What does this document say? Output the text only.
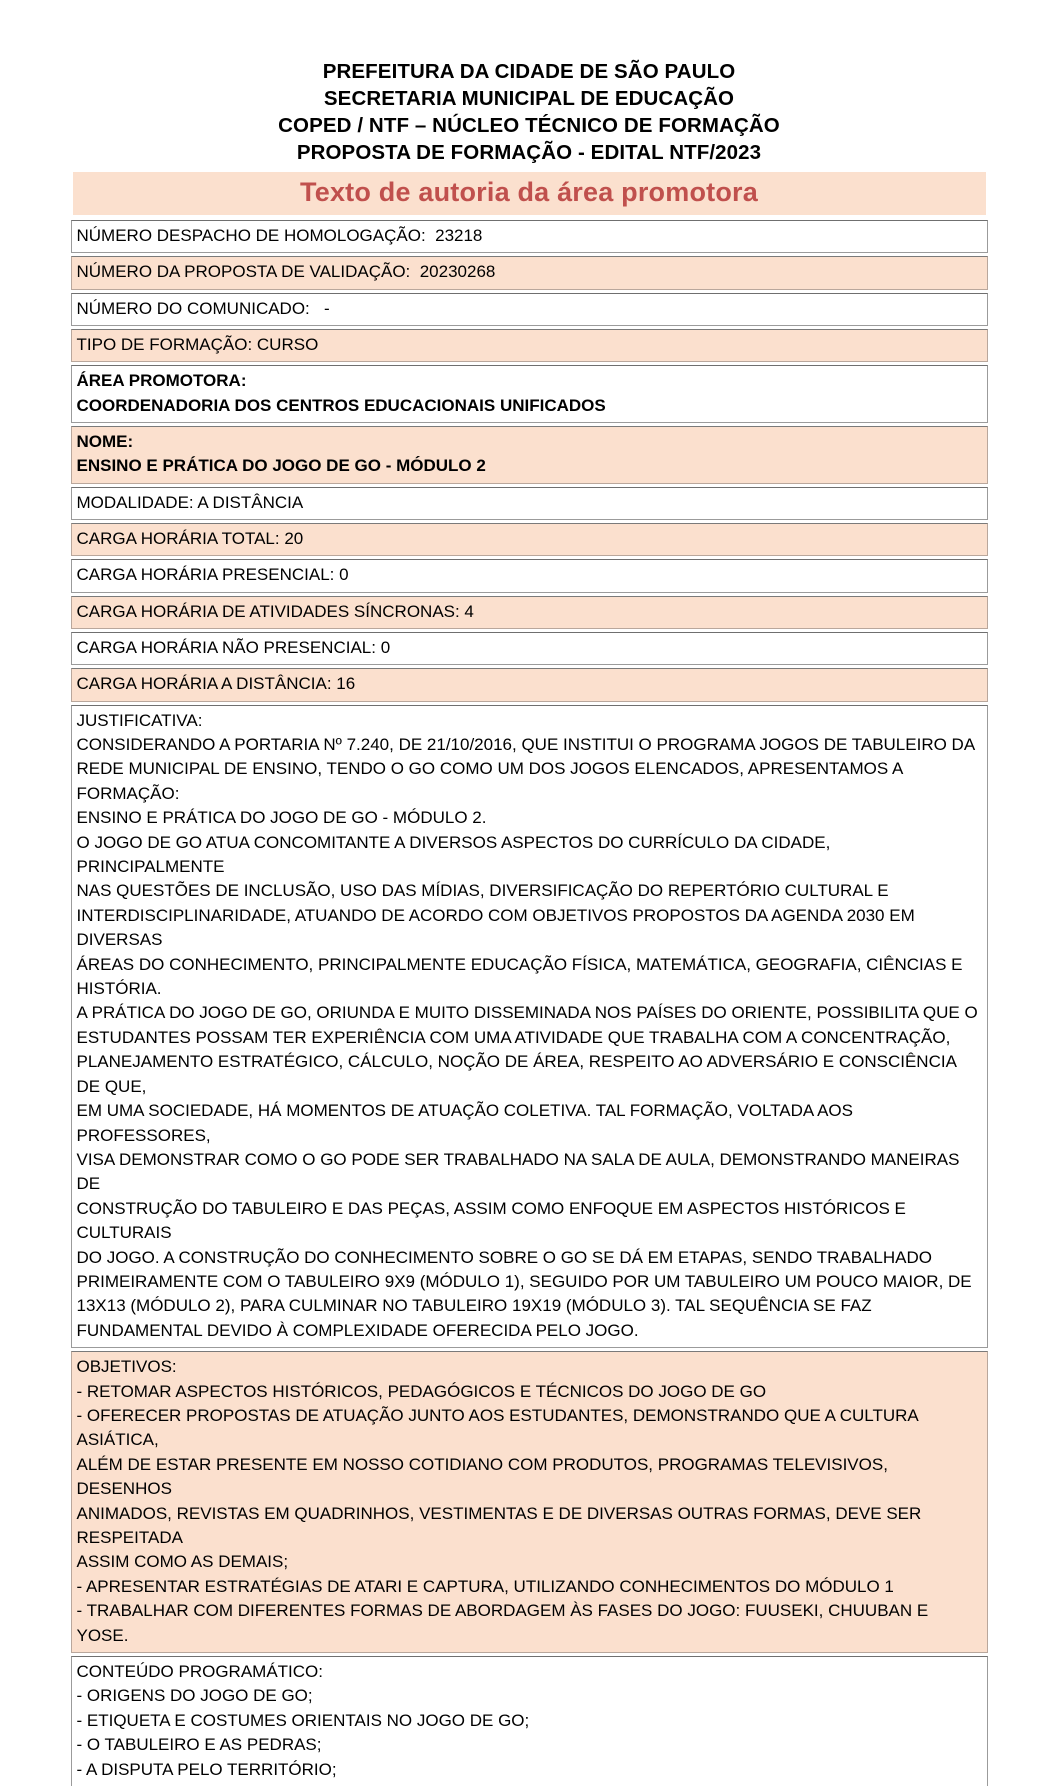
PREFEITURA DA CIDADE DE SÃO PAULO
SECRETARIA MUNICIPAL DE EDUCAÇÃO
COPED / NTF – NÚCLEO TÉCNICO DE FORMAÇÃO
PROPOSTA DE FORMAÇÃO - EDITAL NTF/2023
Texto de autoria da área promotora
NÚMERO DESPACHO DE HOMOLOGAÇÃO:  23218
NÚMERO DA PROPOSTA DE VALIDAÇÃO:  20230268
NÚMERO DO COMUNICADO:   -
TIPO DE FORMAÇÃO: CURSO
ÁREA PROMOTORA:
COORDENADORIA DOS CENTROS EDUCACIONAIS UNIFICADOS
NOME:
ENSINO E PRÁTICA DO JOGO DE GO - MÓDULO 2
MODALIDADE: A DISTÂNCIA
CARGA HORÁRIA TOTAL: 20
CARGA HORÁRIA PRESENCIAL: 0
CARGA HORÁRIA DE ATIVIDADES SÍNCRONAS: 4
CARGA HORÁRIA NÃO PRESENCIAL: 0
CARGA HORÁRIA A DISTÂNCIA: 16
JUSTIFICATIVA:
CONSIDERANDO A PORTARIA Nº 7.240, DE 21/10/2016, QUE INSTITUI O PROGRAMA JOGOS DE TABULEIRO DA
REDE MUNICIPAL DE ENSINO, TENDO O GO COMO UM DOS JOGOS ELENCADOS, APRESENTAMOS A FORMAÇÃO:
ENSINO E PRÁTICA DO JOGO DE GO - MÓDULO 2.
O JOGO DE GO ATUA CONCOMITANTE A DIVERSOS ASPECTOS DO CURRÍCULO DA CIDADE, PRINCIPALMENTE
NAS QUESTÕES DE INCLUSÃO, USO DAS MÍDIAS, DIVERSIFICAÇÃO DO REPERTÓRIO CULTURAL E
INTERDISCIPLINARIDADE, ATUANDO DE ACORDO COM OBJETIVOS PROPOSTOS DA AGENDA 2030 EM DIVERSAS
ÁREAS DO CONHECIMENTO, PRINCIPALMENTE EDUCAÇÃO FÍSICA, MATEMÁTICA, GEOGRAFIA, CIÊNCIAS E
HISTÓRIA.
A PRÁTICA DO JOGO DE GO, ORIUNDA E MUITO DISSEMINADA NOS PAÍSES DO ORIENTE, POSSIBILITA QUE O
ESTUDANTES POSSAM TER EXPERIÊNCIA COM UMA ATIVIDADE QUE TRABALHA COM A CONCENTRAÇÃO,
PLANEJAMENTO ESTRATÉGICO, CÁLCULO, NOÇÃO DE ÁREA, RESPEITO AO ADVERSÁRIO E CONSCIÊNCIA DE QUE,
EM UMA SOCIEDADE, HÁ MOMENTOS DE ATUAÇÃO COLETIVA. TAL FORMAÇÃO, VOLTADA AOS PROFESSORES,
VISA DEMONSTRAR COMO O GO PODE SER TRABALHADO NA SALA DE AULA, DEMONSTRANDO MANEIRAS DE
CONSTRUÇÃO DO TABULEIRO E DAS PEÇAS, ASSIM COMO ENFOQUE EM ASPECTOS HISTÓRICOS E CULTURAIS
DO JOGO. A CONSTRUÇÃO DO CONHECIMENTO SOBRE O GO SE DÁ EM ETAPAS, SENDO TRABALHADO
PRIMEIRAMENTE COM O TABULEIRO 9X9 (MÓDULO 1), SEGUIDO POR UM TABULEIRO UM POUCO MAIOR, DE
13X13 (MÓDULO 2), PARA CULMINAR NO TABULEIRO 19X19 (MÓDULO 3). TAL SEQUÊNCIA SE FAZ
FUNDAMENTAL DEVIDO À COMPLEXIDADE OFERECIDA PELO JOGO.
OBJETIVOS:
- RETOMAR ASPECTOS HISTÓRICOS, PEDAGÓGICOS E TÉCNICOS DO JOGO DE GO
- OFERECER PROPOSTAS DE ATUAÇÃO JUNTO AOS ESTUDANTES, DEMONSTRANDO QUE A CULTURA ASIÁTICA,
ALÉM DE ESTAR PRESENTE EM NOSSO COTIDIANO COM PRODUTOS, PROGRAMAS TELEVISIVOS, DESENHOS
ANIMADOS, REVISTAS EM QUADRINHOS, VESTIMENTAS E DE DIVERSAS OUTRAS FORMAS, DEVE SER RESPEITADA
ASSIM COMO AS DEMAIS;
- APRESENTAR ESTRATÉGIAS DE ATARI E CAPTURA, UTILIZANDO CONHECIMENTOS DO MÓDULO 1
- TRABALHAR COM DIFERENTES FORMAS DE ABORDAGEM ÀS FASES DO JOGO: FUUSEKI, CHUUBAN E YOSE.
CONTEÚDO PROGRAMÁTICO:
- ORIGENS DO JOGO DE GO;
- ETIQUETA E COSTUMES ORIENTAIS NO JOGO DE GO;
- O TABULEIRO E AS PEDRAS;
- A DISPUTA PELO TERRITÓRIO;
